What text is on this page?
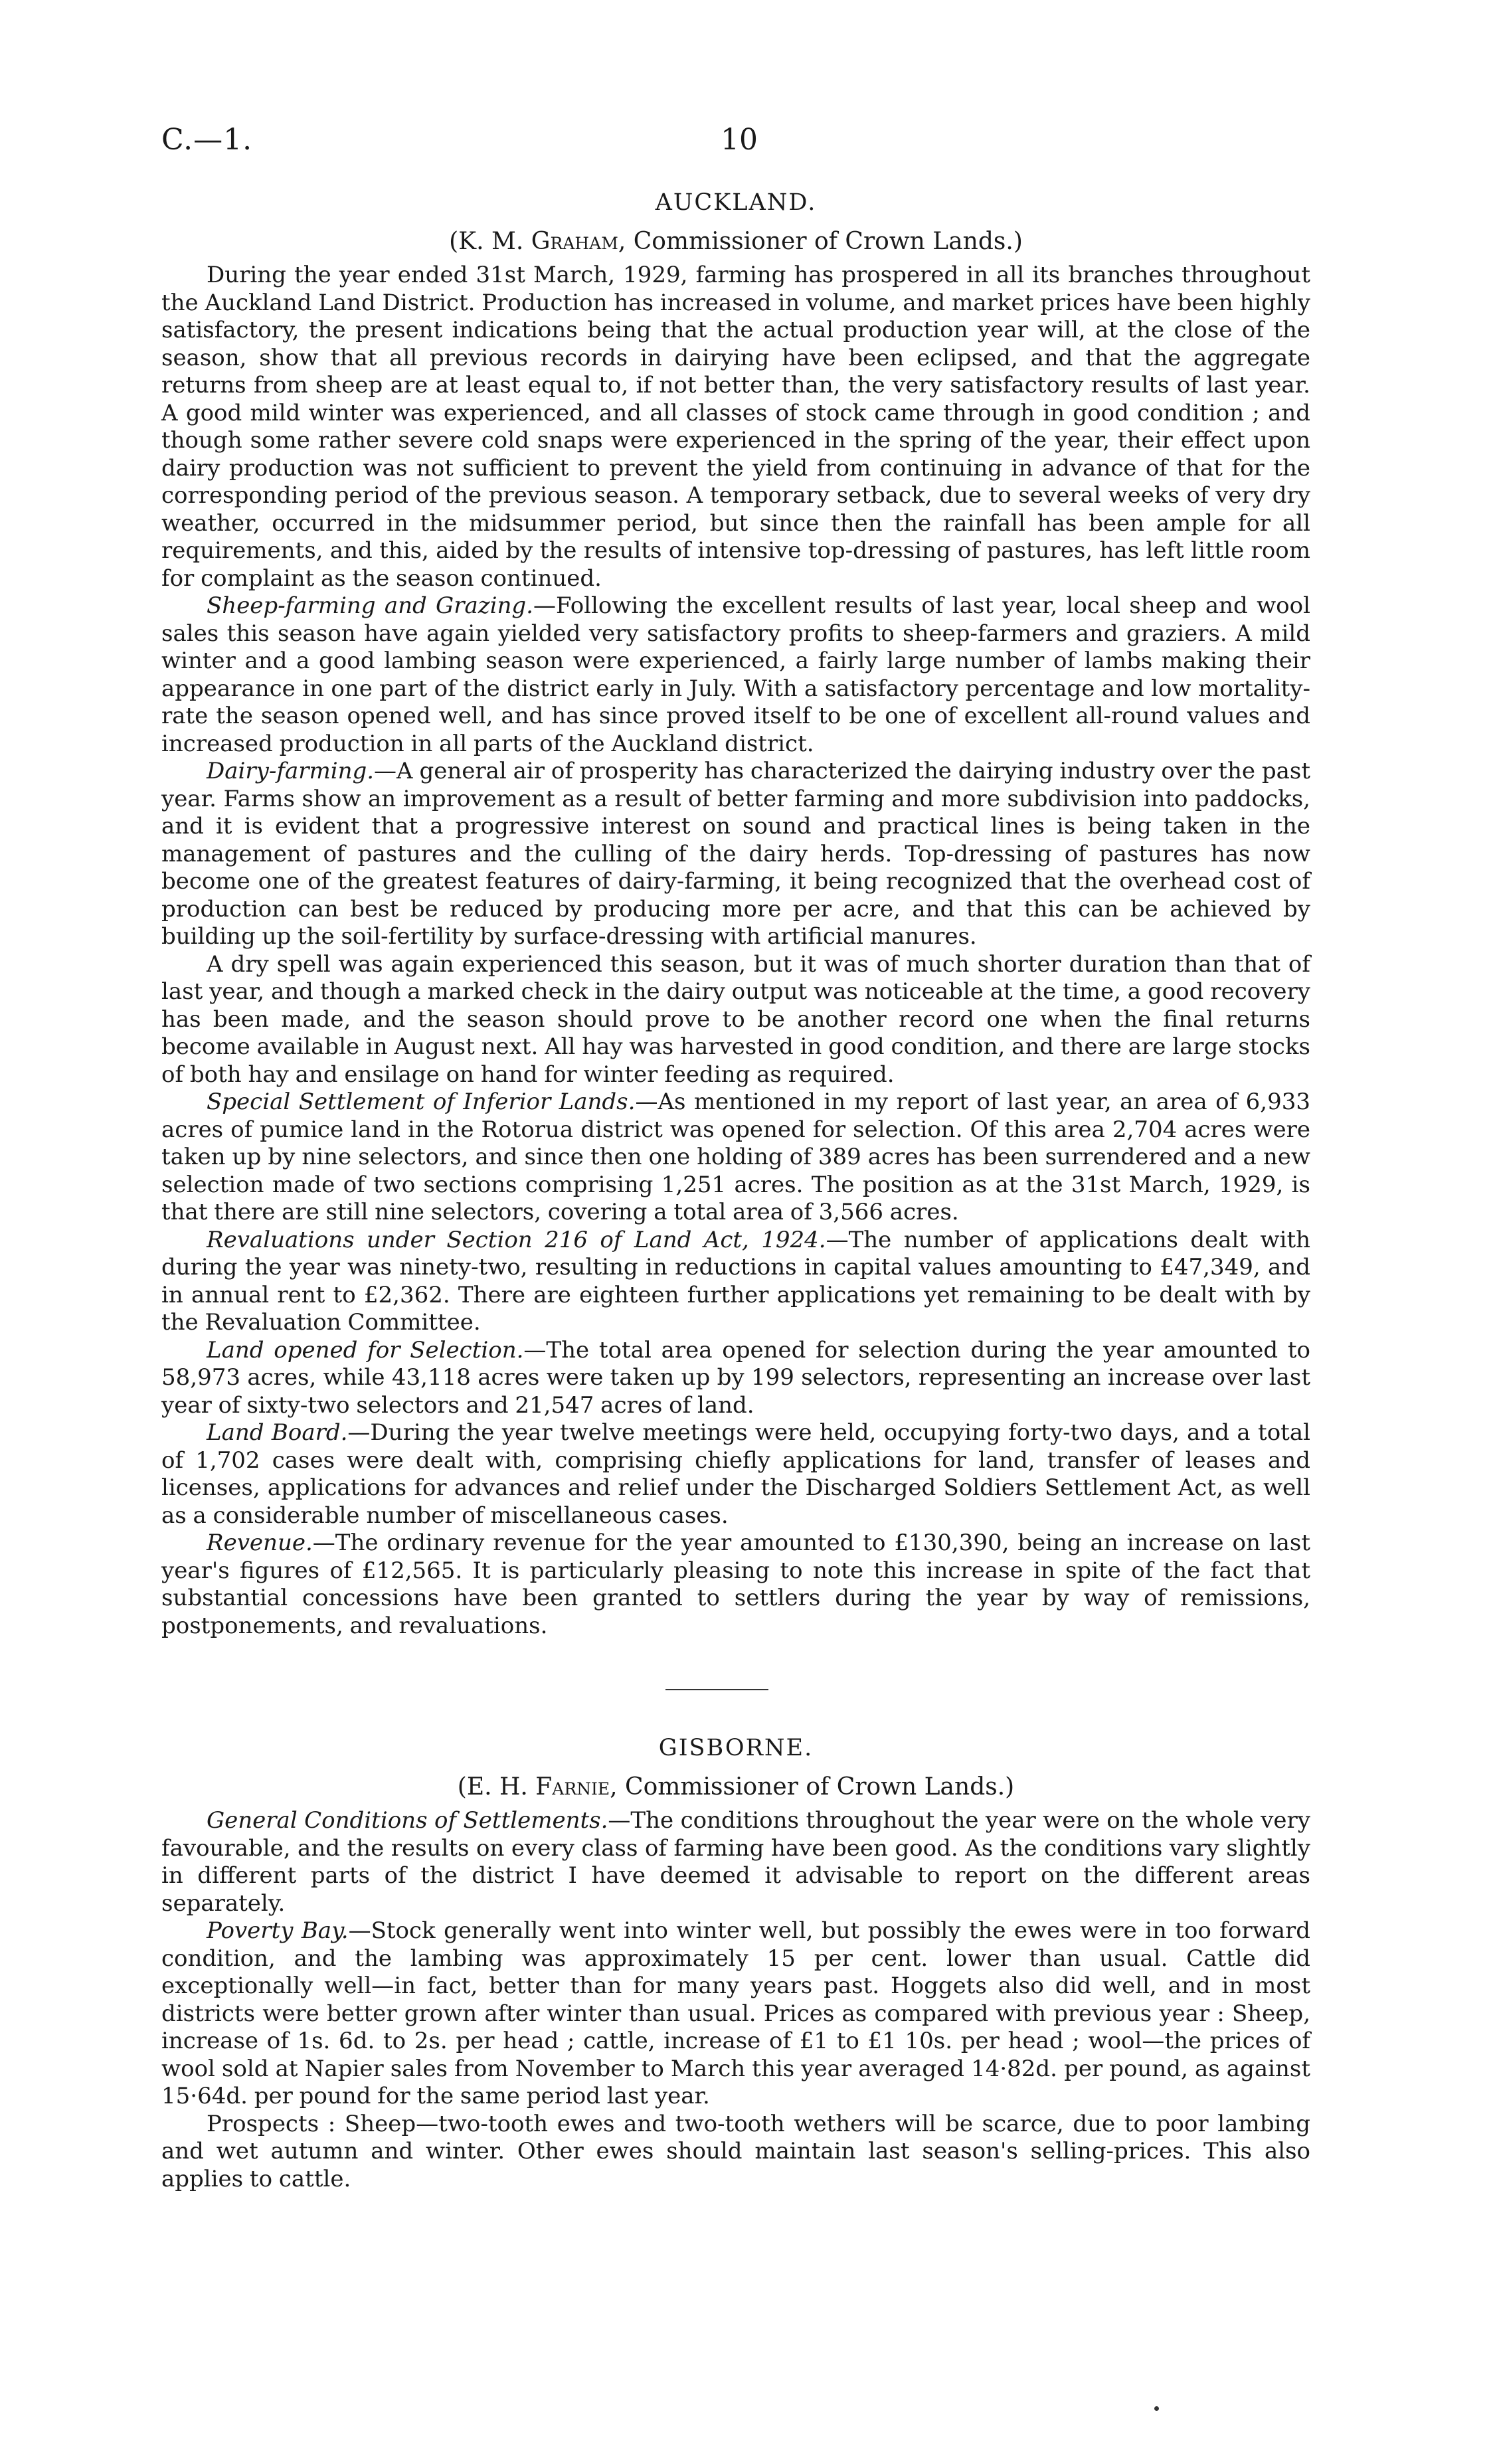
C.—1.	10
AUCKLAND.
(K. M. Graham, Commissioner of Crown Lands.)

During the year ended 31st March, 1929, farming has prospered in all its branches throughout the Auckland Land District. Production has increased in volume, and market prices have been highly satisfactory, the present indications being that the actual production year will, at the close of the season, show that all previous records in dairying have been eclipsed, and that the aggregate returns from sheep are at least equal to, if not better than, the very satisfactory results of last year. A good mild winter was experienced, and all classes of stock came through in good condition ; and though some rather severe cold snaps were experienced in the spring of the year, their effect upon dairy production was not sufficient to prevent the yield from continuing in advance of that for the corresponding period of the previous season. A temporary setback, due to several weeks of very dry weather, occurred in the midsummer period, but since then the rainfall has been ample for all requirements, and this, aided by the results of intensive top-dressing of pastures, has left little room for complaint as the season continued.

Sheep-farming and Grazing.—Following the excellent results of last year, local sheep and wool sales this season have again yielded very satisfactory profits to sheep-farmers and graziers. A mild winter and a good lambing season were experienced, a fairly large number of lambs making their appearance in one part of the district early in July. With a satisfactory percentage and low mortality-rate the season opened well, and has since proved itself to be one of excellent all-round values and increased production in all parts of the Auckland district.

Dairy-farming.—A general air of prosperity has characterized the dairying industry over the past year. Farms show an improvement as a result of better farming and more subdivision into paddocks, and it is evident that a progressive interest on sound and practical lines is being taken in the management of pastures and the culling of the dairy herds. Top-dressing of pastures has now become one of the greatest features of dairy-farming, it being recognized that the overhead cost of production can best be reduced by producing more per acre, and that this can be achieved by building up the soil-fertility by surface-dressing with artificial manures.

A dry spell was again experienced this season, but it was of much shorter duration than that of last year, and though a marked check in the dairy output was noticeable at the time, a good recovery has been made, and the season should prove to be another record one when the final returns become available in August next. All hay was harvested in good condition, and there are large stocks of both hay and ensilage on hand for winter feeding as required.

Special Settlement of Inferior Lands.—As mentioned in my report of last year, an area of 6,933 acres of pumice land in the Rotorua district was opened for selection. Of this area 2,704 acres were taken up by nine selectors, and since then one holding of 389 acres has been surrendered and a new selection made of two sections comprising 1,251 acres. The position as at the 31st March, 1929, is that there are still nine selectors, covering a total area of 3,566 acres.

Revaluations under Section 216 of Land Act, 1924.—The number of applications dealt with during the year was ninety-two, resulting in reductions in capital values amounting to £47,349, and in annual rent to £2,362. There are eighteen further applications yet remaining to be dealt with by the Revaluation Committee.

Land opened for Selection.—The total area opened for selection during the year amounted to 58,973 acres, while 43,118 acres were taken up by 199 selectors, representing an increase over last year of sixty-two selectors and 21,547 acres of land.

Land Board.—During the year twelve meetings were held, occupying forty-two days, and a total of 1,702 cases were dealt with, comprising chiefly applications for land, transfer of leases and licenses, applications for advances and relief under the Discharged Soldiers Settlement Act, as well as a considerable number of miscellaneous cases.

Revenue.—The ordinary revenue for the year amounted to £130,390, being an increase on last year's figures of £12,565. It is particularly pleasing to note this increase in spite of the fact that substantial concessions have been granted to settlers during the year by way of remissions, postponements, and revaluations.

GISBORNE.
(E. H. Farnie, Commissioner of Crown Lands.)

General Conditions of Settlements.—The conditions throughout the year were on the whole very favourable, and the results on every class of farming have been good. As the conditions vary slightly in different parts of the district I have deemed it advisable to report on the different areas separately.

Poverty Bay.—Stock generally went into winter well, but possibly the ewes were in too forward condition, and the lambing was approximately 15 per cent. lower than usual. Cattle did exceptionally well—in fact, better than for many years past. Hoggets also did well, and in most districts were better grown after winter than usual. Prices as compared with previous year : Sheep, increase of 1s. 6d. to 2s. per head ; cattle, increase of £1 to £1 10s. per head ; wool—the prices of wool sold at Napier sales from November to March this year averaged 14·82d. per pound, as against 15·64d. per pound for the same period last year.

Prospects : Sheep—two-tooth ewes and two-tooth wethers will be scarce, due to poor lambing and wet autumn and winter. Other ewes should maintain last season's selling-prices. This also applies to cattle.
